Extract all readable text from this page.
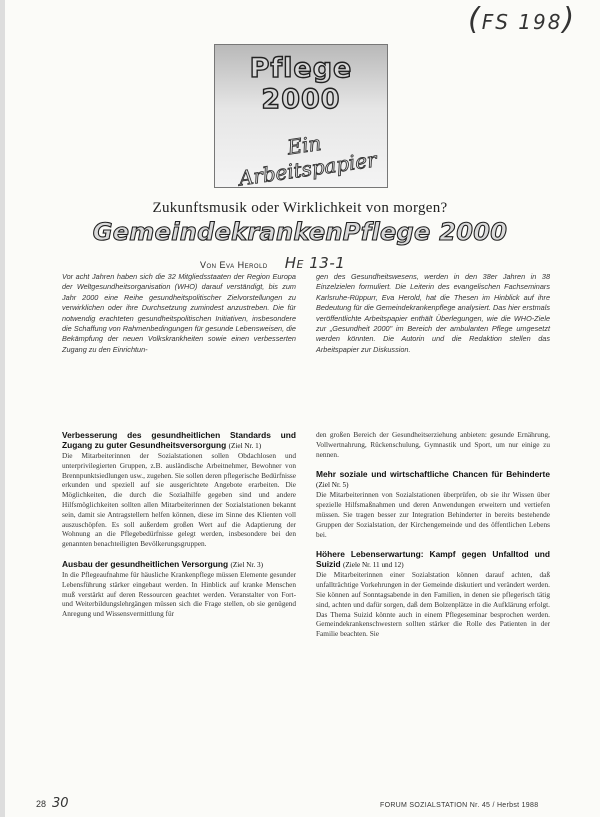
(FS 198)
Pflege 2000
Ein Arbeitspapier
Zukunftsmusik oder Wirklichkeit von morgen?
GemeindekrankenPflege 2000
Von Eva Herold He 13-1
Vor acht Jahren haben sich die 32 Mitgliedsstaaten der Region Europa der Weltgesundheitsorganisation (WHO) darauf verständigt, bis zum Jahr 2000 eine Reihe gesundheitspolitischer Zielvorstellungen zu verwirklichen oder ihre Durchsetzung zumindest anzustreben. Die für notwendig erachteten gesundheitspolitischen Initiativen, insbesondere die Schaffung von Rahmenbedingungen für gesunde Lebensweisen, die Bekämpfung der neuen Volkskrankheiten sowie einen verbesserten Zugang zu den Einrichtun-
gen des Gesundheitswesens, werden in den 38er Jahren in 38 Einzelzielen formuliert. Die Leiterin des evangelischen Fachseminars Karlsruhe-Rüppurr, Eva Herold, hat die Thesen im Hinblick auf ihre Bedeutung für die Gemeindekrankenpflege analysiert. Das hier erstmals veröffentlichte Arbeitspapier enthält Überlegungen, wie die WHO-Ziele zur „Gesundheit 2000" im Bereich der ambulanten Pflege umgesetzt werden könnten. Die Autorin und die Redaktion stellen das Arbeitspapier zur Diskussion.

Verbesserung des gesundheitlichen Standards und Zugang zu guter Gesundheitsversorgung (Ziel Nr. 1)

Die Mitarbeiterinnen der Sozialstationen sollen Obdachlosen und unterprivilegierten Gruppen, z.B. ausländische Arbeitnehmer, Bewohner von Brennpunktsiedlungen usw., zugehen. Sie sollen deren pflegerische Bedürfnisse erkunden und speziell auf sie ausgerichtete Angebote erarbeiten. Die Möglichkeiten, die durch die Sozialhilfe gegeben sind und andere Hilfsmöglichkeiten sollten allen Mitarbeiterinnen der Sozialstationen bekannt sein, damit sie Antragstellern helfen können, diese im Sinne des Klienten voll auszuschöpfen. Es soll außerdem großen Wert auf die Adaptierung der Wohnung an die Pflegebedürfnisse gelegt werden, insbesondere bei den genannten benachteiligten Bevölkerungsgruppen.

Ausbau der gesundheitlichen Versorgung (Ziel Nr. 3)

In die Pflegeaufnahme für häusliche Krankenpflege müssen Elemente gesunder Lebensführung stärker eingebaut werden. In Hinblick auf kranke Menschen muß verstärkt auf deren Ressourcen geachtet werden. Veranstalter von Fort- und Weiterbildungslehrgängen müssen sich die Frage stellen, ob sie genügend Anregung und Wissensvermittlung für

den großen Bereich der Gesundheitserziehung anbieten: gesunde Ernährung, Vollwertnahrung, Rückenschulung, Gymnastik und Sport, um nur einige zu nennen.

Mehr soziale und wirtschaftliche Chancen für Behinderte (Ziel Nr. 5)

Die Mitarbeiterinnen von Sozialstationen überprüfen, ob sie ihr Wissen über spezielle Hilfsmaßnahmen und deren Anwendungen erweitern und vertiefen müssen. Sie tragen besser zur Integration Behinderter in bereits bestehende Gruppen der Sozialstation, der Kirchengemeinde und des öffentlichen Lebens bei.

Höhere Lebenserwartung: Kampf gegen Unfalltod und Suizid (Ziele Nr. 11 und 12)

Die Mitarbeiterinnen einer Sozialstation können darauf achten, daß unfallträchtige Vorkehrungen in der Gemeinde diskutiert und verändert werden. Sie können auf Sonntagsabende in den Familien, in denen sie pflegerisch tätig sind, achten und dafür sorgen, daß dem Bolzenplätze in die Aufklärung erfolgt. Das Thema Suizid könnte auch in einem Pflegeseminar besprochen werden. Gemeindekrankenschwestern sollten stärker die Rolle des Patienten in der Familie beachten. Sie

28 30	FORUM SOZIALSTATION Nr. 45 / Herbst 1988
